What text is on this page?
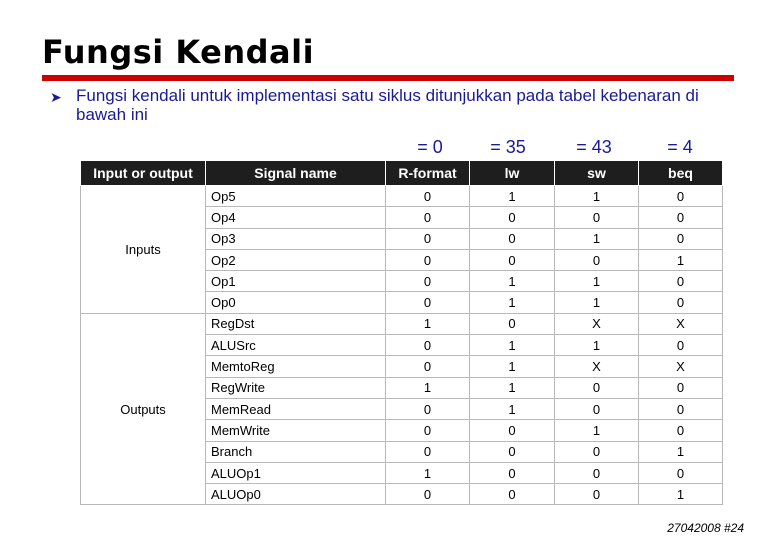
Fungsi Kendali
➤ Fungsi kendali untuk implementasi satu siklus ditunjukkan pada tabel kebenaran di bawah ini
= 0	= 35	= 43	= 4
Input or output	Signal name	R-format	lw	sw	beq
Inputs	Op5	0	1	1	0
	Op4	0	0	0	0
	Op3	0	0	1	0
	Op2	0	0	0	1
	Op1	0	1	1	0
	Op0	0	1	1	0
Outputs	RegDst	1	0	X	X
	ALUSrc	0	1	1	0
	MemtoReg	0	1	X	X
	RegWrite	1	1	0	0
	MemRead	0	1	0	0
	MemWrite	0	0	1	0
	Branch	0	0	0	1
	ALUOp1	1	0	0	0
	ALUOp0	0	0	0	1
27042008 #24
